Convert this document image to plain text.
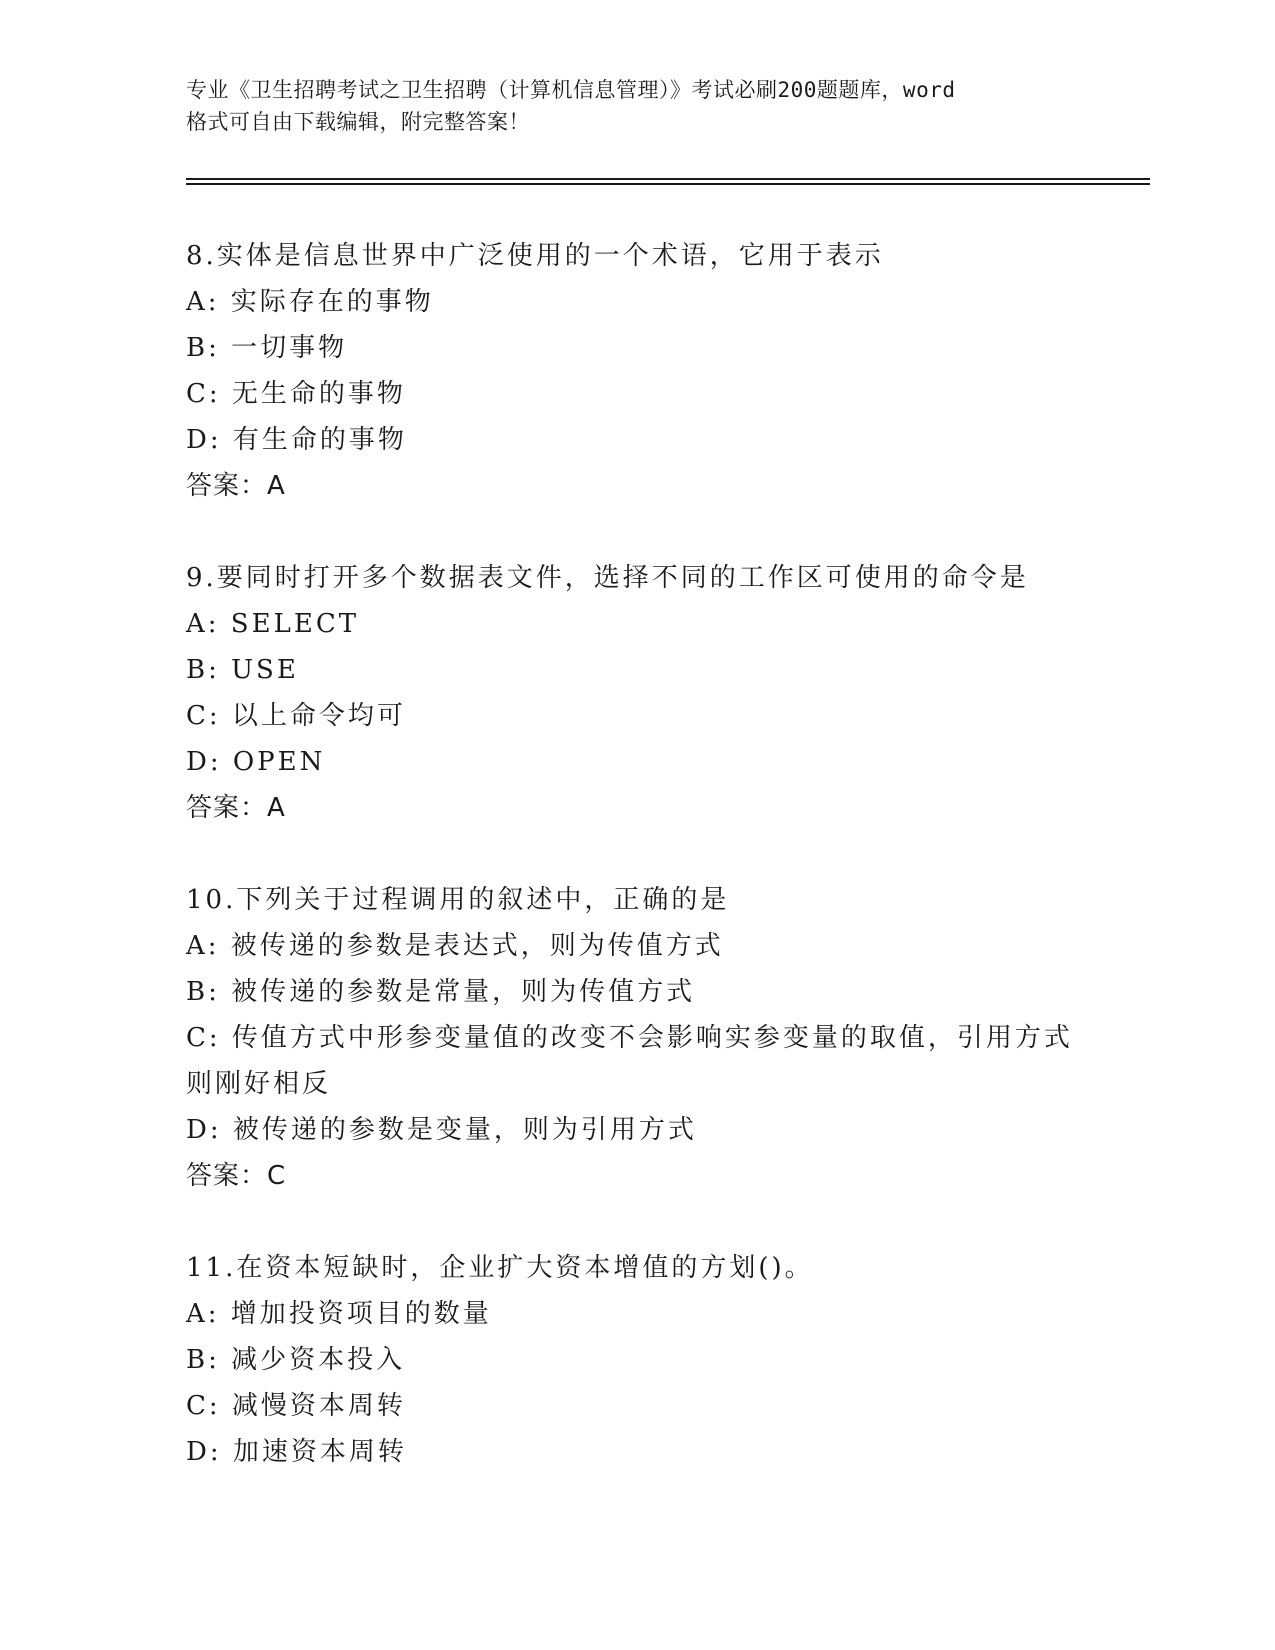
专业《卫生招聘考试之卫生招聘（计算机信息管理）》考试必刷200题题库，word
格式可自由下载编辑，附完整答案！
8.实体是信息世界中广泛使用的一个术语，它用于表示
A: 实际存在的事物
B: 一切事物
C: 无生命的事物
D: 有生命的事物
答案：A
9.要同时打开多个数据表文件，选择不同的工作区可使用的命令是
A: SELECT
B: USE
C: 以上命令均可
D: OPEN
答案：A
10.下列关于过程调用的叙述中，正确的是
A: 被传递的参数是表达式，则为传值方式
B: 被传递的参数是常量，则为传值方式
C: 传值方式中形参变量值的改变不会影响实参变量的取值，引用方式则刚好相反
D: 被传递的参数是变量，则为引用方式
答案：C
11.在资本短缺时，企业扩大资本增值的方划()。
A: 增加投资项目的数量
B: 减少资本投入
C: 减慢资本周转
D: 加速资本周转
